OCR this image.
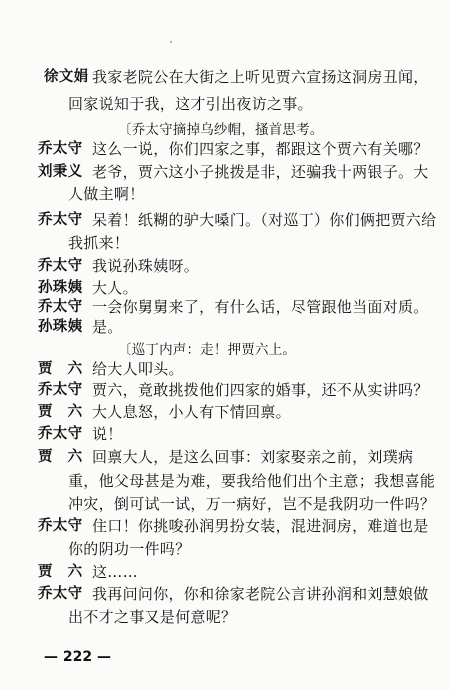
徐文娟 我家老院公在大街之上听见贾六宣扬这洞房丑闻，
回家说知于我，这才引出夜访之事。
〔乔太守摘掉乌纱帽，搔首思考。
乔太守 这么一说，你们四家之事，都跟这个贾六有关哪？
刘秉义 老爷，贾六这小子挑拨是非，还骗我十两银子。大
人做主啊！
乔太守 呆着！纸糊的驴大嗓门。（对巡丁）你们俩把贾六给
我抓来！
乔太守 我说孙珠姨呀。
孙珠姨 大人。
乔太守 一会你舅舅来了，有什么话，尽管跟他当面对质。
孙珠姨 是。
〔巡丁内声：走！押贾六上。
贾　六 给大人叩头。
乔太守 贾六，竟敢挑拨他们四家的婚事，还不从实讲吗？
贾　六 大人息怒，小人有下情回禀。
乔太守 说！
贾　六 回禀大人，是这么回事：刘家娶亲之前，刘璞病
重，他父母甚是为难，要我给他们出个主意；我想喜能
冲灾，倒可试一试，万一病好，岂不是我阴功一件吗？
乔太守 住口！你挑唆孙润男扮女装，混进洞房，难道也是
你的阴功一件吗？
贾　六 这……
乔太守 我再问问你，你和徐家老院公言讲孙润和刘慧娘做
出不才之事又是何意呢？
— 222 —
